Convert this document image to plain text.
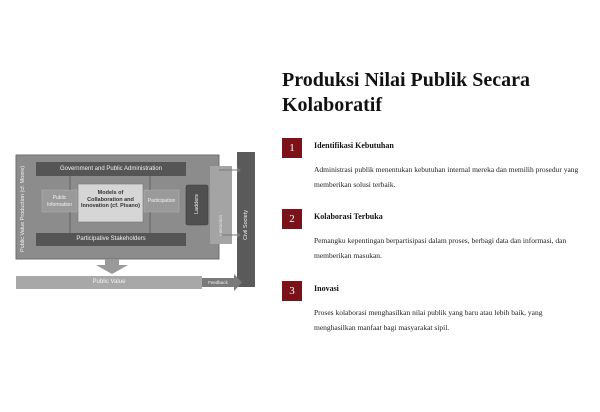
Public Value Production (cf. Moore)	Government and Public Administration
Public Information
Models of Collaboration and Innovation (cf. Pisano)
Participation	Ladders
Interaction	Civil Society
Participative Stakeholders
Public Value	Feedback
Produksi Nilai Publik Secara Kolaboratif
1	Identifikasi Kebutuhan
Administrasi publik menentukan kebutuhan internal mereka dan memilih prosedur yang memberikan solusi terbaik.
2	Kolaborasi Terbuka
Pemangku kepentingan berpartisipasi dalam proses, berbagi data dan informasi, dan memberikan masukan.
3	Inovasi
Proses kolaborasi menghasilkan nilai publik yang baru atau lebih baik, yang menghasilkan manfaat bagi masyarakat sipil.
